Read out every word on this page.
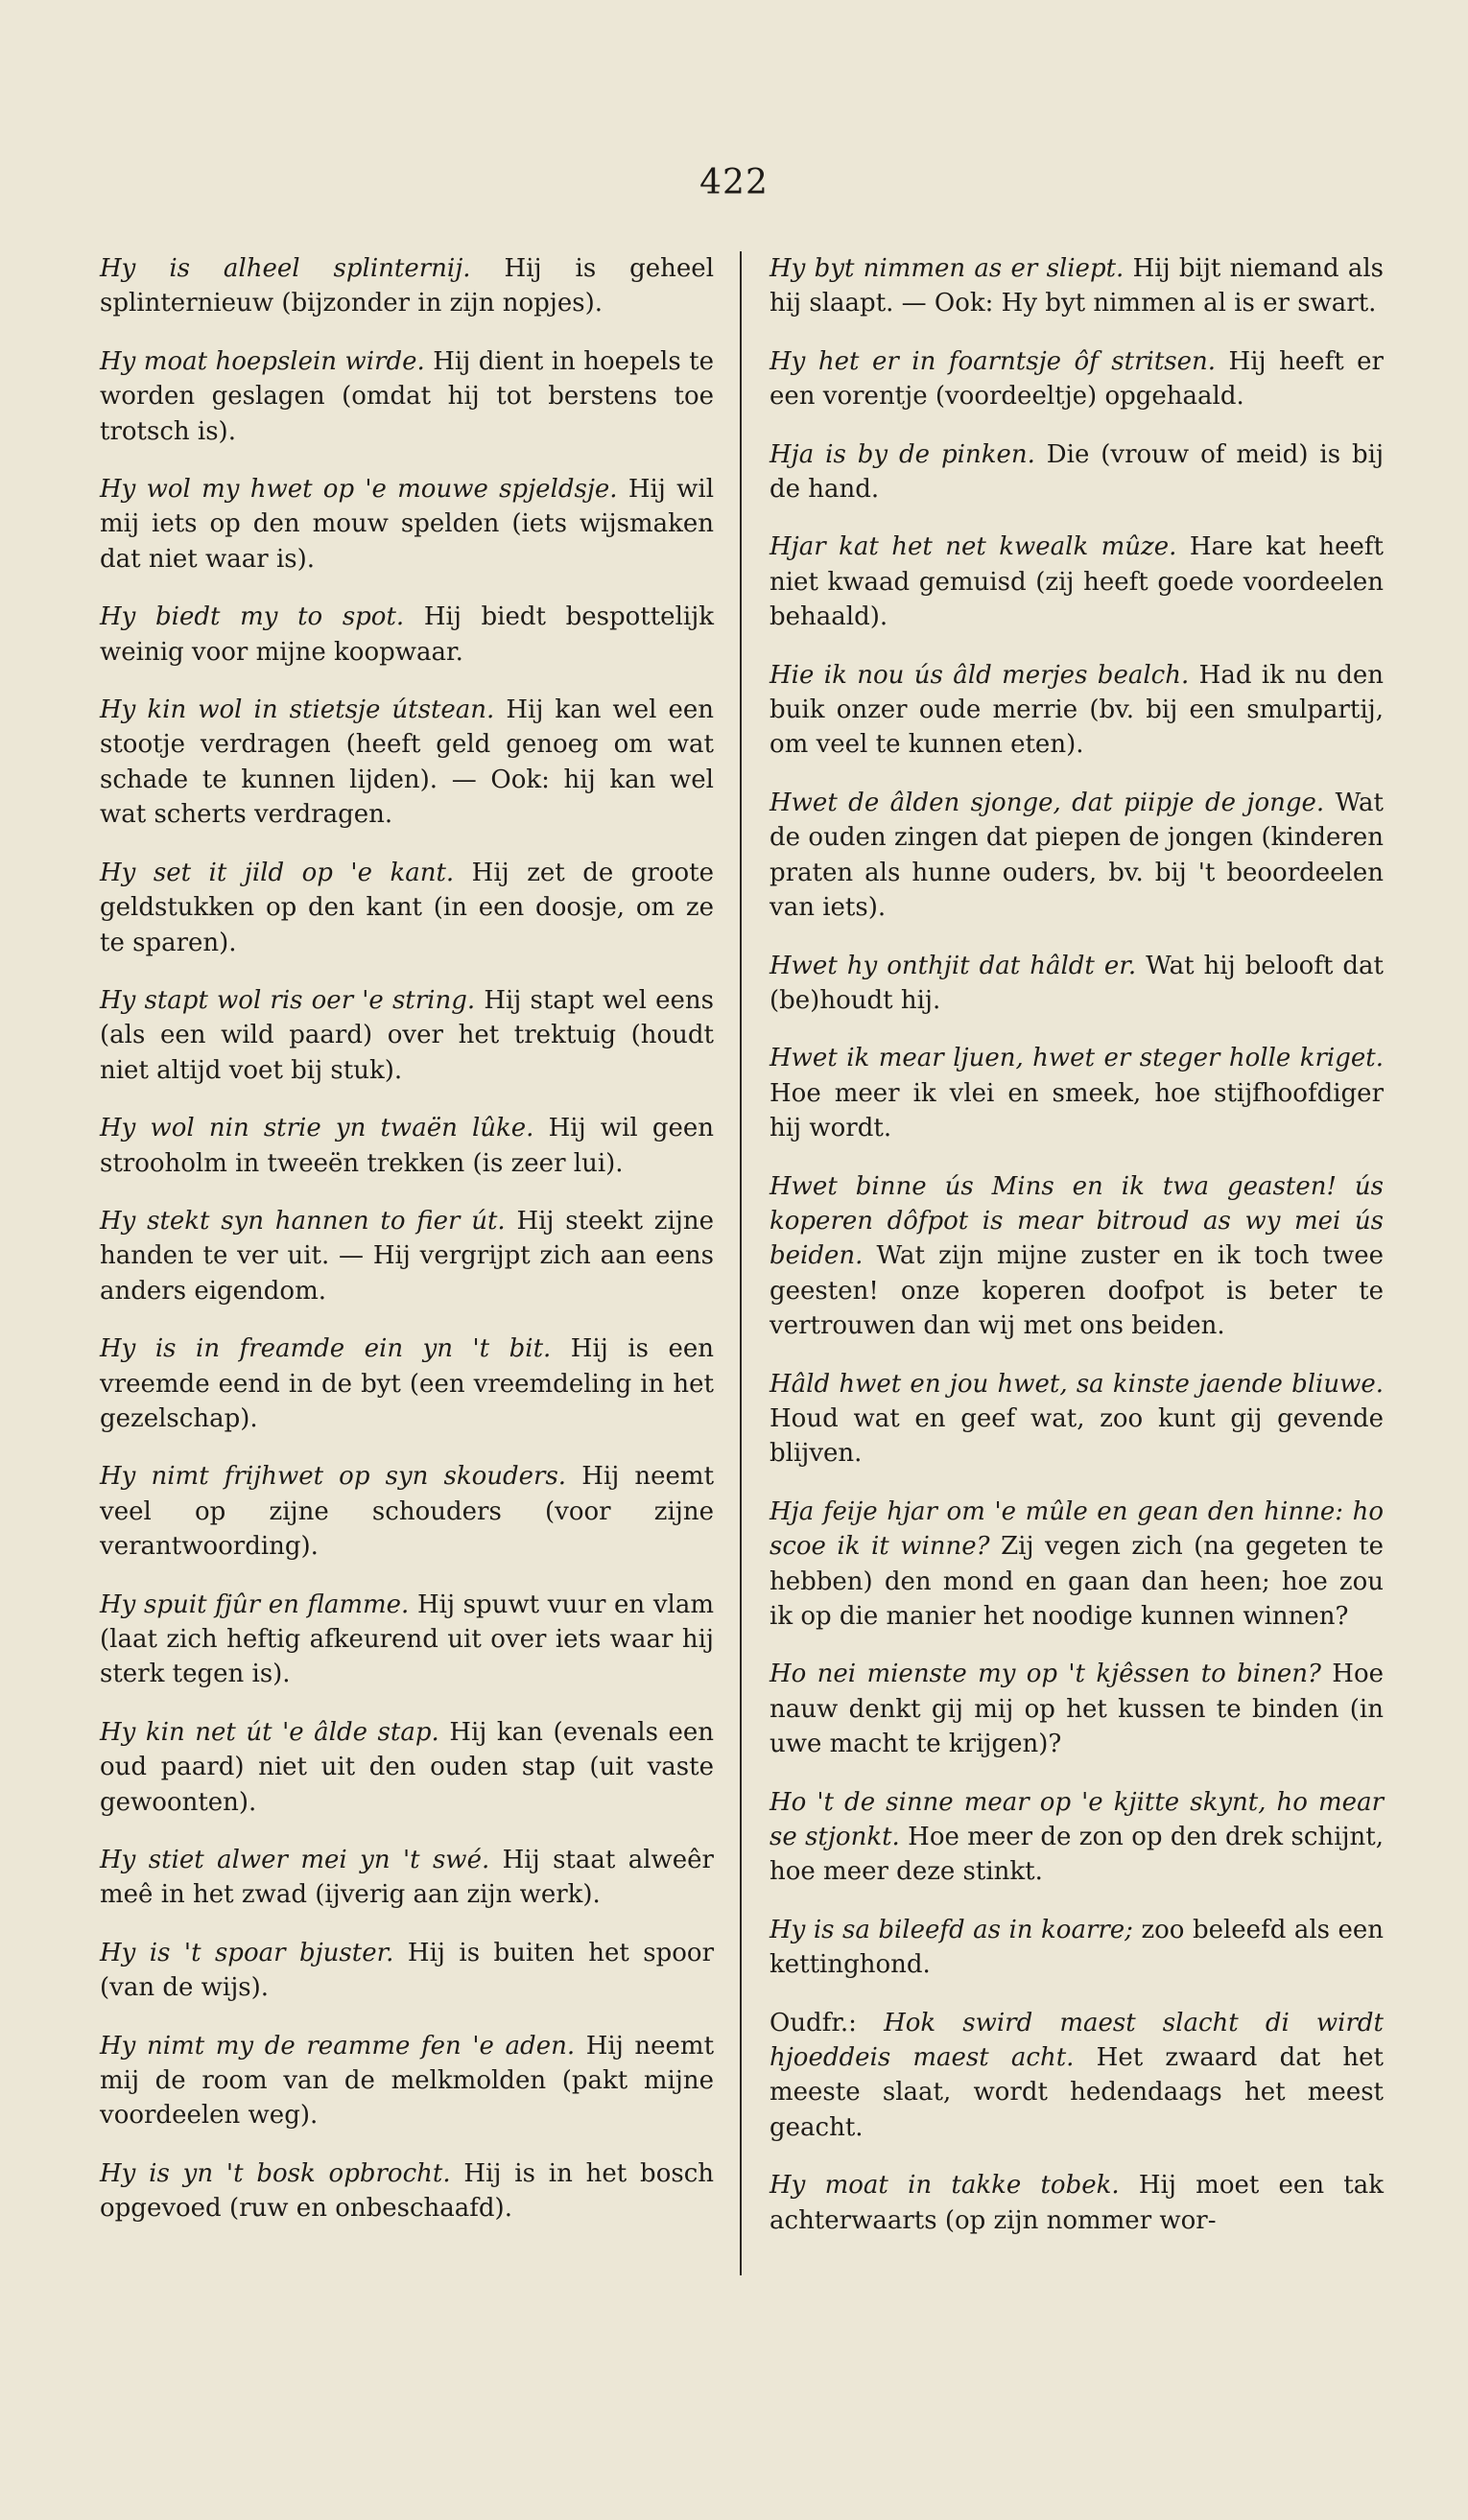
422

Hy is alheel splinternij. Hij is geheel splinternieuw (bijzonder in zijn nopjes).

Hy moat hoepslein wirde. Hij dient in hoepels te worden geslagen (omdat hij tot berstens toe trotsch is).

Hy wol my hwet op 'e mouwe spjeldsje. Hij wil mij iets op den mouw spelden (iets wijsmaken dat niet waar is).

Hy biedt my to spot. Hij biedt bespottelijk weinig voor mijne koopwaar.

Hy kin wol in stietsje útstean. Hij kan wel een stootje verdragen (heeft geld genoeg om wat schade te kunnen lijden). — Ook: hij kan wel wat scherts verdragen.

Hy set it jild op 'e kant. Hij zet de groote geldstukken op den kant (in een doosje, om ze te sparen).

Hy stapt wol ris oer 'e string. Hij stapt wel eens (als een wild paard) over het trektuig (houdt niet altijd voet bij stuk).

Hy wol nin strie yn twaën lûke. Hij wil geen strooholm in tweeën trekken (is zeer lui).

Hy stekt syn hannen to fier út. Hij steekt zijne handen te ver uit. — Hij vergrijpt zich aan eens anders eigendom.

Hy is in freamde ein yn 't bit. Hij is een vreemde eend in de byt (een vreemdeling in het gezelschap).

Hy nimt frijhwet op syn skouders. Hij neemt veel op zijne schouders (voor zijne verantwoording).

Hy spuit fjûr en flamme. Hij spuwt vuur en vlam (laat zich heftig afkeurend uit over iets waar hij sterk tegen is).

Hy kin net út 'e âlde stap. Hij kan (evenals een oud paard) niet uit den ouden stap (uit vaste gewoonten).

Hy stiet alwer mei yn 't swé. Hij staat alweêr meê in het zwad (ijverig aan zijn werk).

Hy is 't spoar bjuster. Hij is buiten het spoor (van de wijs).

Hy nimt my de reamme fen 'e aden. Hij neemt mij de room van de melkmolden (pakt mijne voordeelen weg).

Hy is yn 't bosk opbrocht. Hij is in het bosch opgevoed (ruw en onbeschaafd).

Hy byt nimmen as er sliept. Hij bijt niemand als hij slaapt. — Ook: Hy byt nimmen al is er swart.

Hy het er in foarntsje ôf stritsen. Hij heeft er een vorentje (voordeeltje) opgehaald.

Hja is by de pinken. Die (vrouw of meid) is bij de hand.

Hjar kat het net kwealk mûze. Hare kat heeft niet kwaad gemuisd (zij heeft goede voordeelen behaald).

Hie ik nou ús âld merjes bealch. Had ik nu den buik onzer oude merrie (bv. bij een smulpartij, om veel te kunnen eten).

Hwet de âlden sjonge, dat piipje de jonge. Wat de ouden zingen dat piepen de jongen (kinderen praten als hunne ouders, bv. bij 't beoordeelen van iets).

Hwet hy onthjit dat hâldt er. Wat hij belooft dat (be)houdt hij.

Hwet ik mear ljuen, hwet er steger holle kriget. Hoe meer ik vlei en smeek, hoe stijfhoofdiger hij wordt.

Hwet binne ús Mins en ik twa geasten! ús koperen dôfpot is mear bitroud as wy mei ús beiden. Wat zijn mijne zuster en ik toch twee geesten! onze koperen doofpot is beter te vertrouwen dan wij met ons beiden.

Hâld hwet en jou hwet, sa kinste jaende bliuwe. Houd wat en geef wat, zoo kunt gij gevende blijven.

Hja feije hjar om 'e mûle en gean den hinne: ho scoe ik it winne? Zij vegen zich (na gegeten te hebben) den mond en gaan dan heen; hoe zou ik op die manier het noodige kunnen winnen?

Ho nei mienste my op 't kjêssen to binen? Hoe nauw denkt gij mij op het kussen te binden (in uwe macht te krijgen)?

Ho 't de sinne mear op 'e kjitte skynt, ho mear se stjonkt. Hoe meer de zon op den drek schijnt, hoe meer deze stinkt.

Hy is sa bileefd as in koarre; zoo beleefd als een kettinghond.

Oudfr.: Hok swird maest slacht di wirdt hjoeddeis maest acht. Het zwaard dat het meeste slaat, wordt hedendaags het meest geacht.

Hy moat in takke tobek. Hij moet een tak achterwaarts (op zijn nommer wor-
